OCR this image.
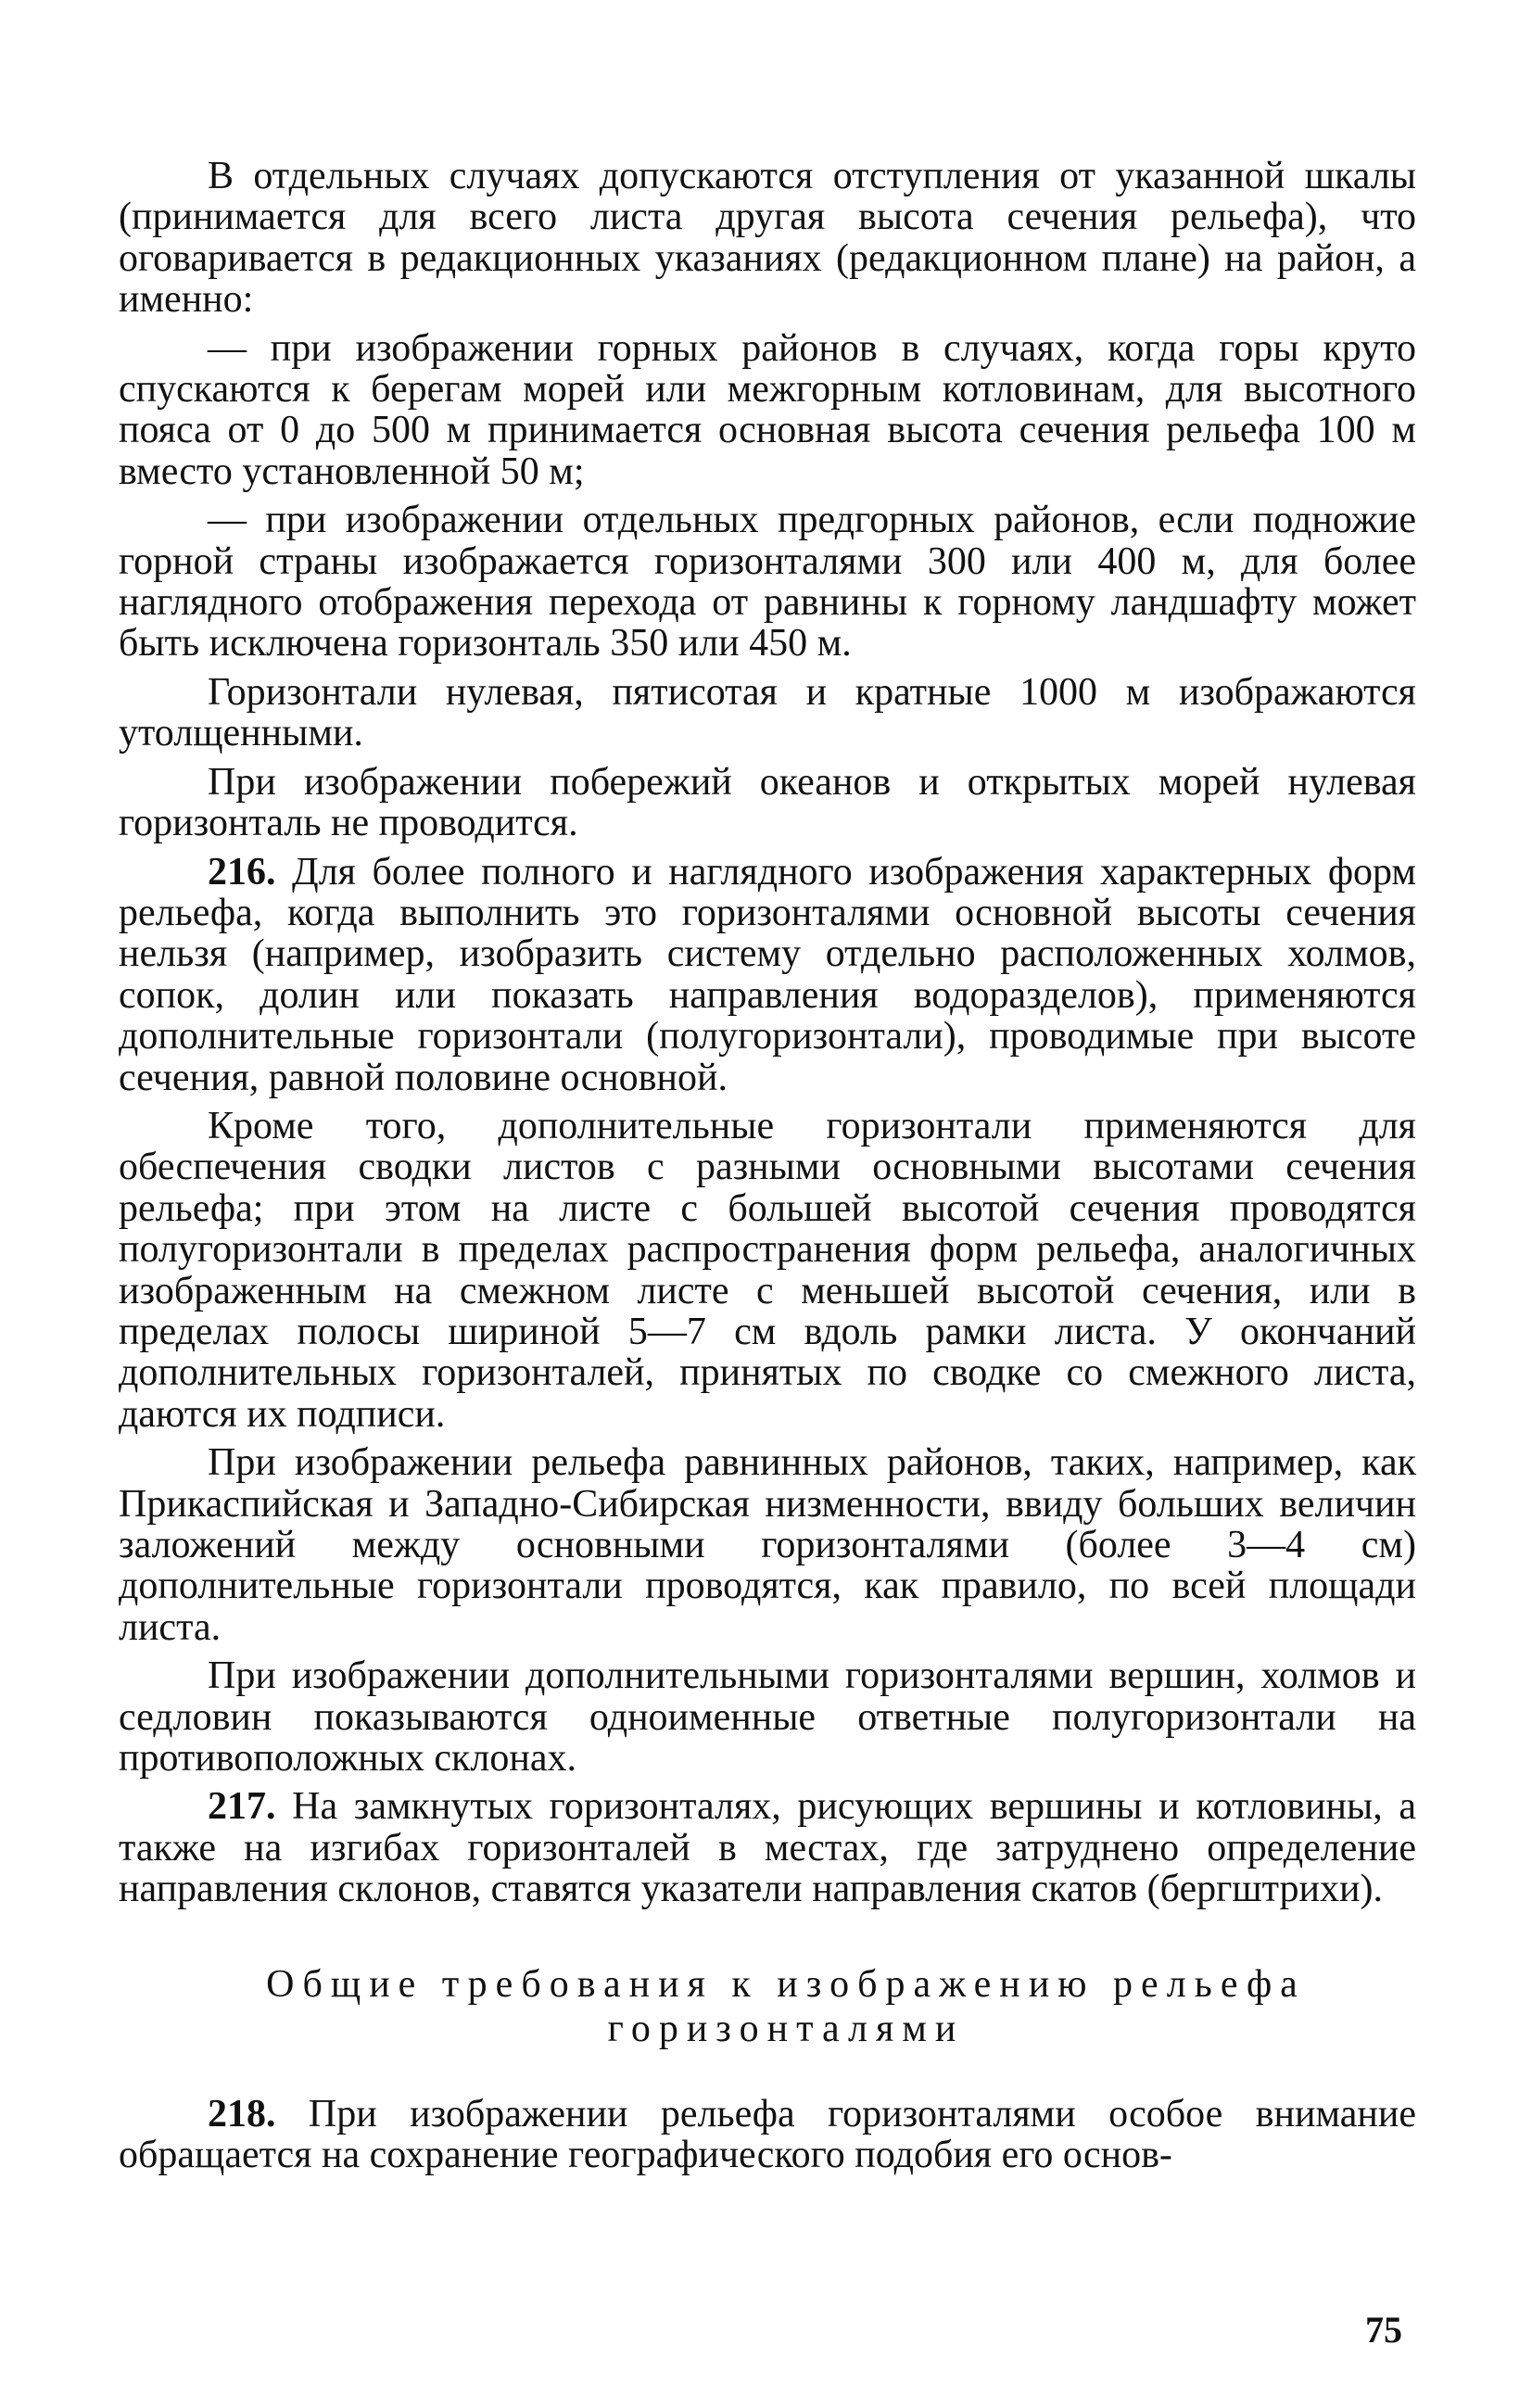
В отдельных случаях допускаются отступления от указанной шкалы (принимается для всего листа другая высота сечения рельефа), что оговаривается в редакционных указаниях (редакционном плане) на район, а именно:

— при изображении горных районов в случаях, когда горы круто спускаются к берегам морей или межгорным котловинам, для высотного пояса от 0 до 500 м принимается основная высота сечения рельефа 100 м вместо установленной 50 м;

— при изображении отдельных предгорных районов, если подножие горной страны изображается горизонталями 300 или 400 м, для более наглядного отображения перехода от равнины к горному ландшафту может быть исключена горизонталь 350 или 450 м.

Горизонтали нулевая, пятисотая и кратные 1000 м изображаются утолщенными.

При изображении побережий океанов и открытых морей нулевая горизонталь не проводится.

216. Для более полного и наглядного изображения характерных форм рельефа, когда выполнить это горизонталями основной высоты сечения нельзя (например, изобразить систему отдельно расположенных холмов, сопок, долин или показать направления водоразделов), применяются дополнительные горизонтали (полугоризонтали), проводимые при высоте сечения, равной половине основной.

Кроме того, дополнительные горизонтали применяются для обеспечения сводки листов с разными основными высотами сечения рельефа; при этом на листе с большей высотой сечения проводятся полугоризонтали в пределах распространения форм рельефа, аналогичных изображенным на смежном листе с меньшей высотой сечения, или в пределах полосы шириной 5—7 см вдоль рамки листа. У окончаний дополнительных горизонталей, принятых по сводке со смежного листа, даются их подписи.

При изображении рельефа равнинных районов, таких, например, как Прикаспийская и Западно-Сибирская низменности, ввиду больших величин заложений между основными горизонталями (более 3—4 см) дополнительные горизонтали проводятся, как правило, по всей площади листа.

При изображении дополнительными горизонталями вершин, холмов и седловин показываются одноименные ответные полугоризонтали на противоположных склонах.

217. На замкнутых горизонталях, рисующих вершины и котловины, а также на изгибах горизонталей в местах, где затруднено определение направления склонов, ставятся указатели направления скатов (бергштрихи).

Общие требования к изображению рельефа горизонталями

218. При изображении рельефа горизонталями особое внимание обращается на сохранение географического подобия его основ-

75
